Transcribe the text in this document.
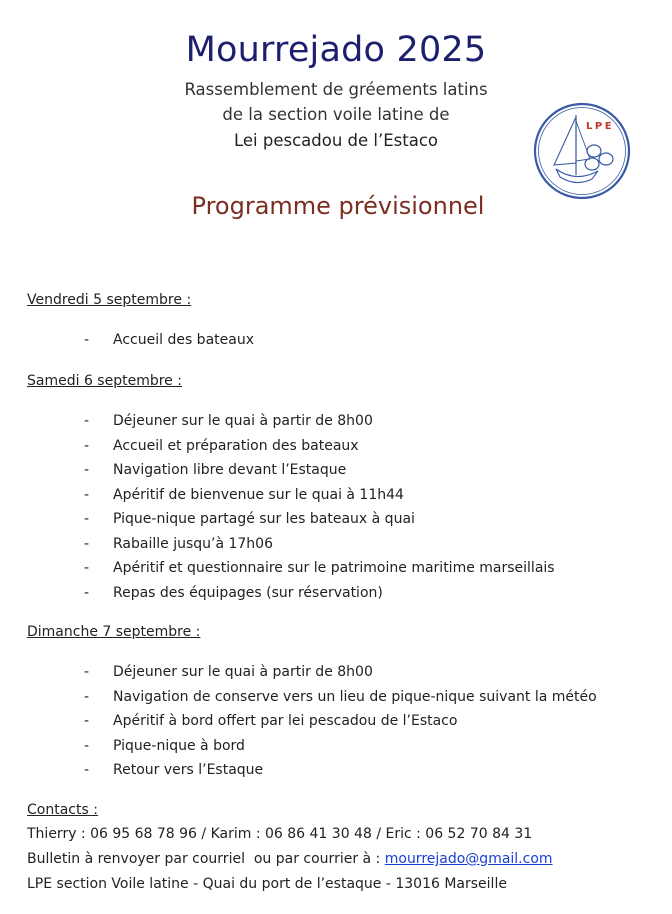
Mourrejado 2025
Rassemblement de gréements latins
de la section voile latine de
Lei pescadou de l’Estaco
LPE
Programme prévisionnel
Vendredi 5 septembre :
- Accueil des bateaux
Samedi 6 septembre :
- Déjeuner sur le quai à partir de 8h00
- Accueil et préparation des bateaux
- Navigation libre devant l’Estaque
- Apéritif de bienvenue sur le quai à 11h44
- Pique-nique partagé sur les bateaux à quai
- Rabaille jusqu’à 17h06
- Apéritif et questionnaire sur le patrimoine maritime marseillais
- Repas des équipages (sur réservation)
Dimanche 7 septembre :
- Déjeuner sur le quai à partir de 8h00
- Navigation de conserve vers un lieu de pique-nique suivant la météo
- Apéritif à bord offert par lei pescadou de l’Estaco
- Pique-nique à bord
- Retour vers l’Estaque
Contacts :
Thierry : 06 95 68 78 96 / Karim : 06 86 41 30 48 / Eric : 06 52 70 84 31
Bulletin à renvoyer par courriel  ou par courrier à : mourrejado@gmail.com
LPE section Voile latine - Quai du port de l’estaque - 13016 Marseille
